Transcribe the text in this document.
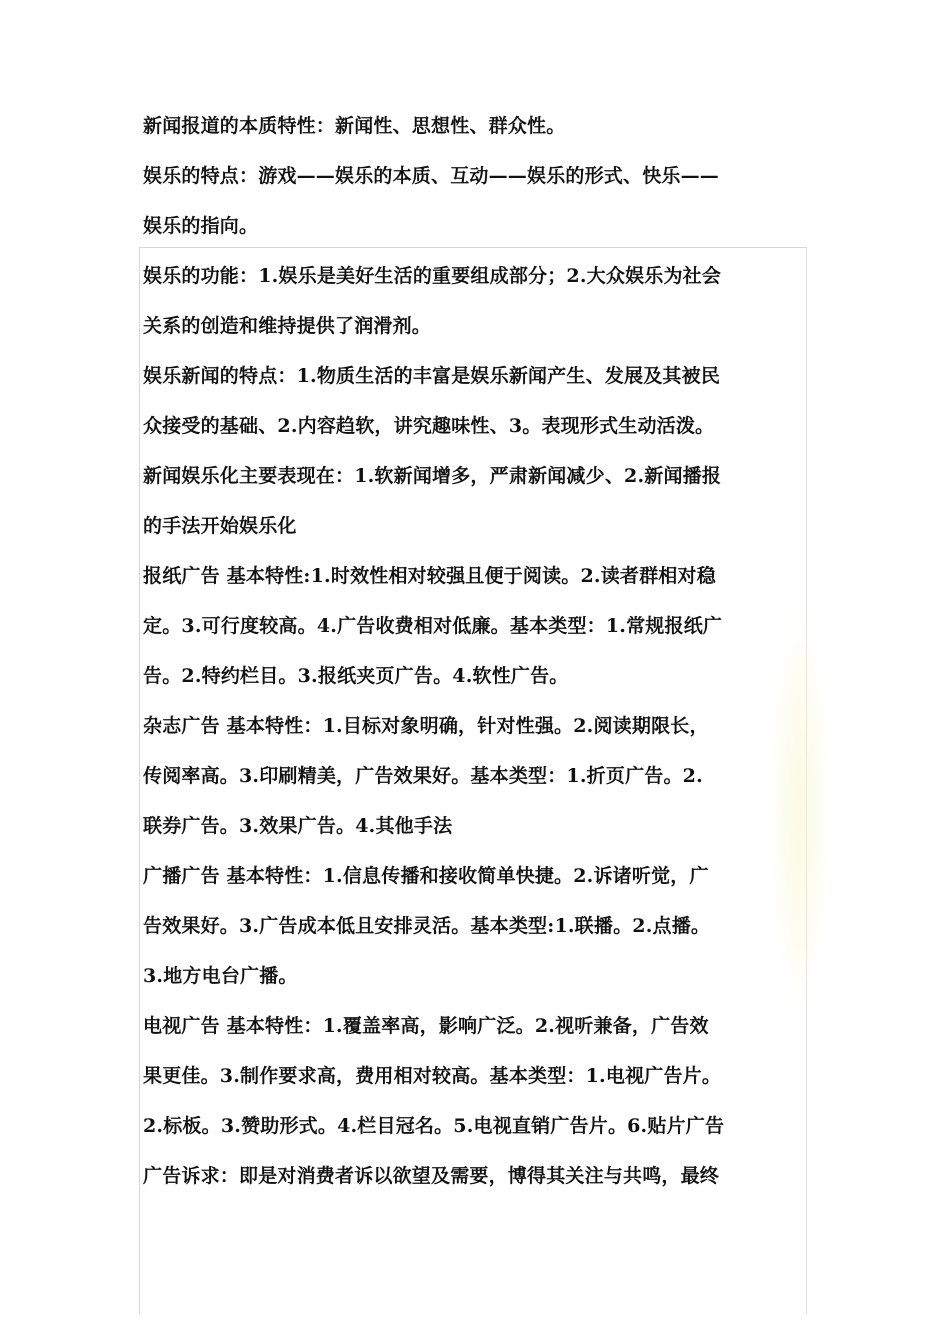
新闻报道的本质特性：新闻性、思想性、群众性。
娱乐的特点：游戏——娱乐的本质、互动——娱乐的形式、快乐——
娱乐的指向。
娱乐的功能：1.娱乐是美好生活的重要组成部分；2.大众娱乐为社会
关系的创造和维持提供了润滑剂。
娱乐新闻的特点：1.物质生活的丰富是娱乐新闻产生、发展及其被民
众接受的基础、2.内容趋软，讲究趣味性、3。表现形式生动活泼。
新闻娱乐化主要表现在：1.软新闻增多，严肃新闻减少、2.新闻播报
的手法开始娱乐化
报纸广告 基本特性:1.时效性相对较强且便于阅读。2.读者群相对稳
定。3.可行度较高。4.广告收费相对低廉。基本类型：1.常规报纸广
告。2.特约栏目。3.报纸夹页广告。4.软性广告。
杂志广告 基本特性：1.目标对象明确，针对性强。2.阅读期限长，
传阅率高。3.印刷精美，广告效果好。基本类型：1.折页广告。2.
联券广告。3.效果广告。4.其他手法
广播广告 基本特性：1.信息传播和接收简单快捷。2.诉诸听觉，广
告效果好。3.广告成本低且安排灵活。基本类型:1.联播。2.点播。
3.地方电台广播。
电视广告 基本特性：1.覆盖率高，影响广泛。2.视听兼备，广告效
果更佳。3.制作要求高，费用相对较高。基本类型：1.电视广告片。
2.标板。3.赞助形式。4.栏目冠名。5.电视直销广告片。6.贴片广告
广告诉求：即是对消费者诉以欲望及需要，博得其关注与共鸣，最终
